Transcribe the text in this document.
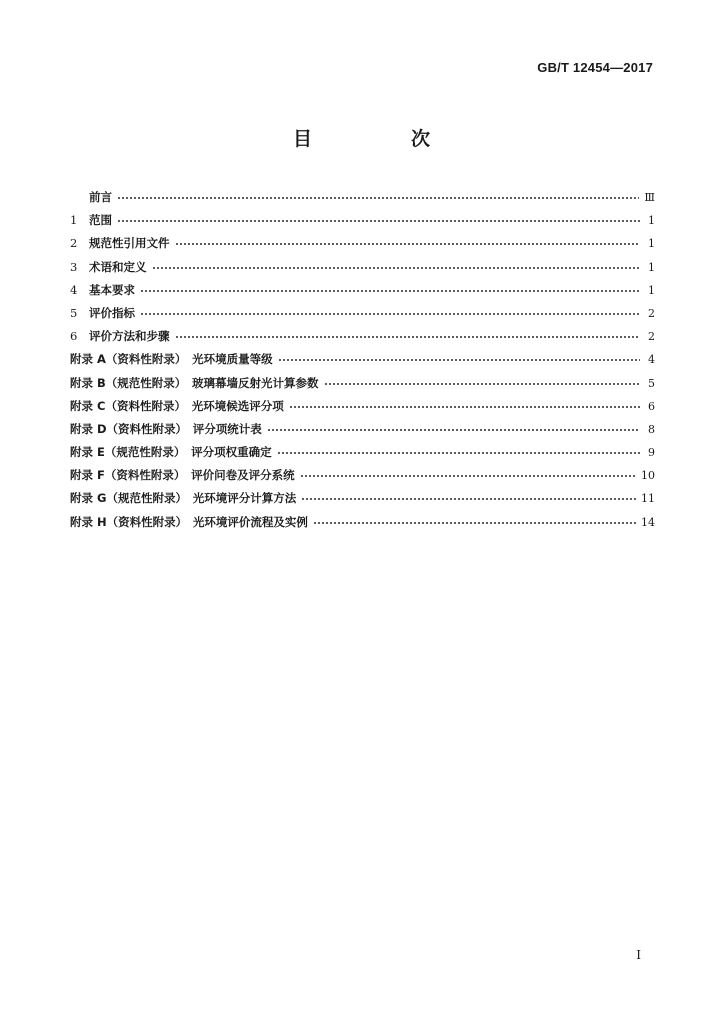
GB/T 12454—2017
目　次
前言	Ⅲ
1 范围	1
2 规范性引用文件	1
3 术语和定义	1
4 基本要求	1
5 评价指标	2
6 评价方法和步骤	2
附录 A（资料性附录）　光环境质量等级	4
附录 B（规范性附录）　玻璃幕墙反射光计算参数	5
附录 C（资料性附录）　光环境候选评分项	6
附录 D（资料性附录）　评分项统计表	8
附录 E（规范性附录）　评分项权重确定	9
附录 F（资料性附录）　评价问卷及评分系统	10
附录 G（规范性附录）　光环境评分计算方法	11
附录 H（资料性附录）　光环境评价流程及实例	14
I
